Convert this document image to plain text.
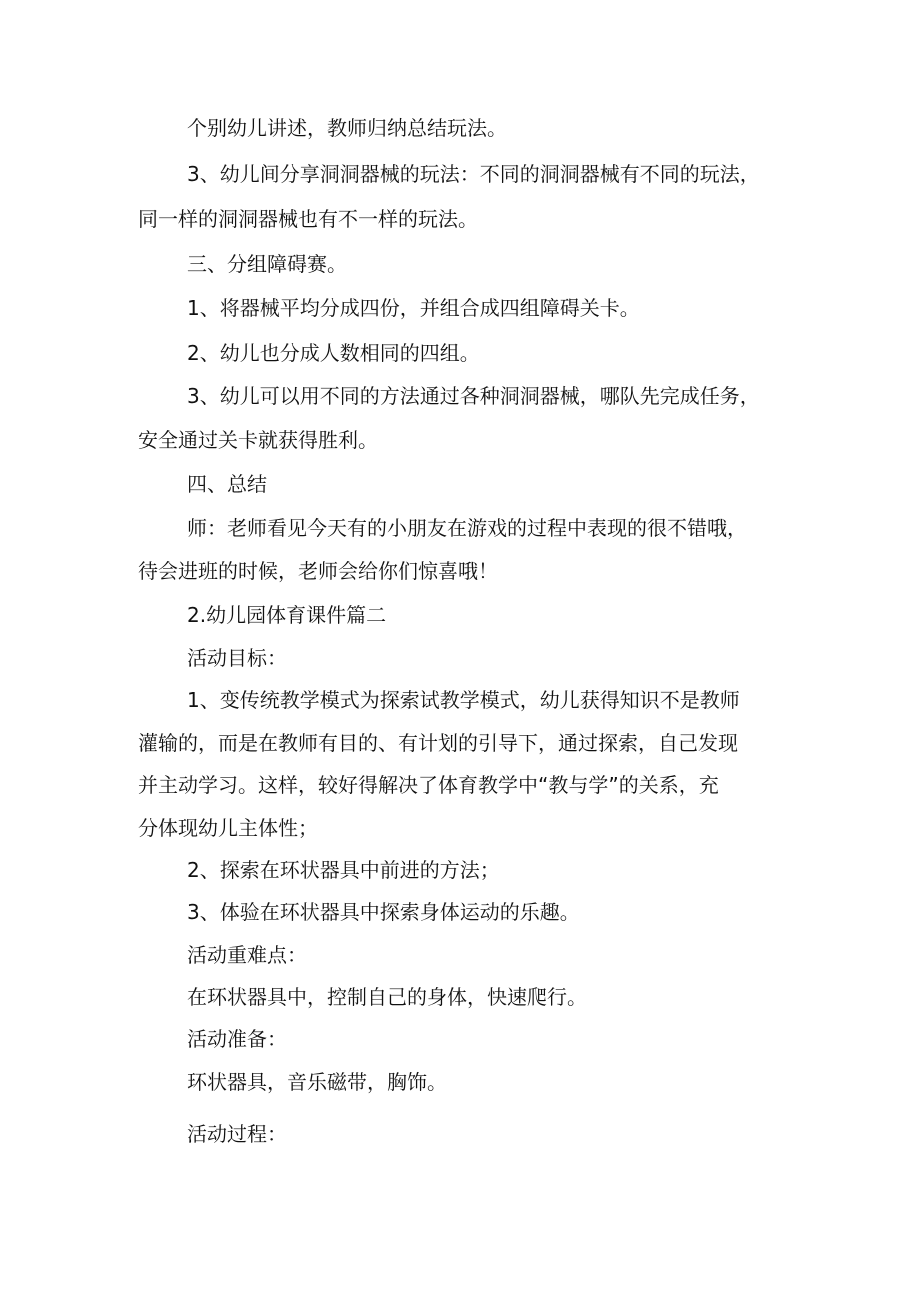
个别幼儿讲述，教师归纳总结玩法。
3、幼儿间分享洞洞器械的玩法：不同的洞洞器械有不同的玩法，
同一样的洞洞器械也有不一样的玩法。
三、分组障碍赛。
1、将器械平均分成四份，并组合成四组障碍关卡。
2、幼儿也分成人数相同的四组。
3、幼儿可以用不同的方法通过各种洞洞器械，哪队先完成任务，
安全通过关卡就获得胜利。
四、总结
师：老师看见今天有的小朋友在游戏的过程中表现的很不错哦，
待会进班的时候，老师会给你们惊喜哦！
2.幼儿园体育课件篇二
活动目标：
1、变传统教学模式为探索试教学模式，幼儿获得知识不是教师
灌输的，而是在教师有目的、有计划的引导下，通过探索，自己发现
并主动学习。这样，较好得解决了体育教学中“教与学”的关系，充
分体现幼儿主体性；
2、探索在环状器具中前进的方法；
3、体验在环状器具中探索身体运动的乐趣。
活动重难点：
在环状器具中，控制自己的身体，快速爬行。
活动准备：
环状器具，音乐磁带，胸饰。
活动过程：
